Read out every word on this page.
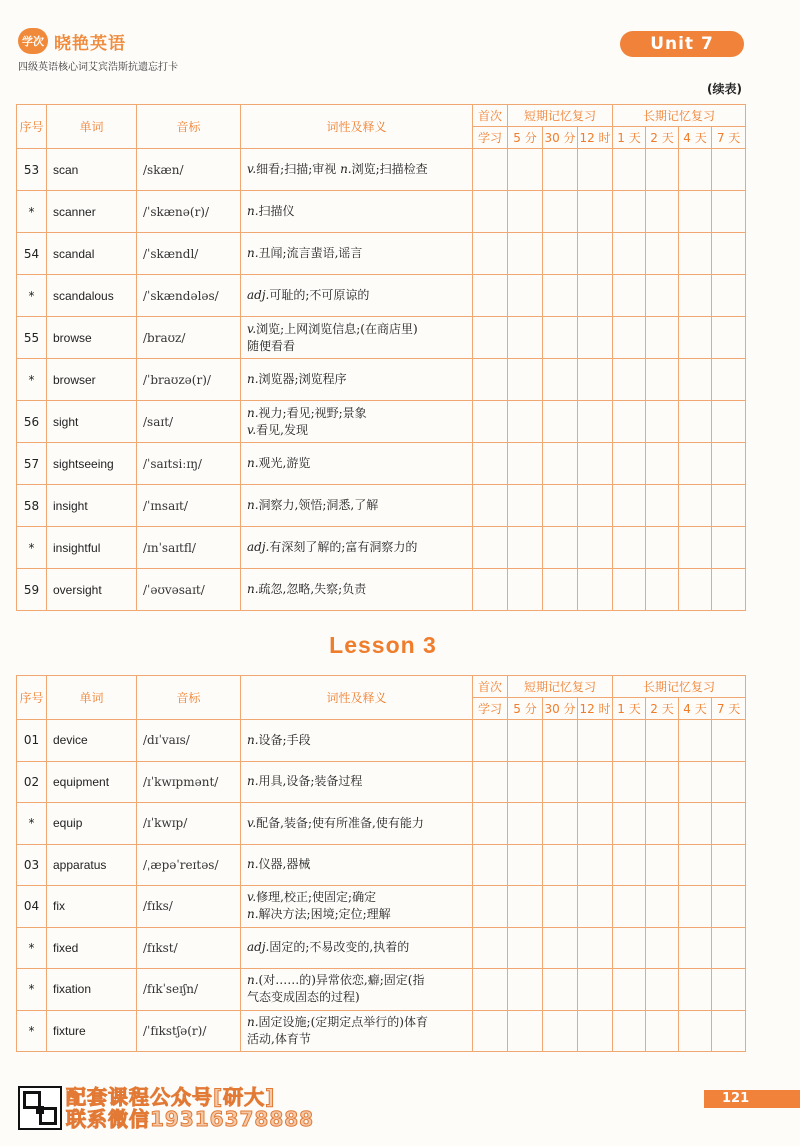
学次 晓艳英语
四级英语核心词艾宾浩斯抗遗忘打卡
Unit 7
(续表)
序号	单词	音标	词性及释义	首次	短期记忆复习			长期记忆复习			
				学习	5 分	30 分	12 时	1 天	2 天	4 天	7 天
53	scan	/skæn/	v.细看;扫描;审视 n.浏览;扫描检查								

*	scanner	/ˈskænə(r)/	n.扫描仪								

54	scandal	/ˈskændl/	n.丑闻;流言蜚语,谣言								

*	scandalous	/ˈskændələs/	adj.可耻的;不可原谅的								

55	browse	/braʊz/	v.浏览;上网浏览信息;(在商店里)
随便看看								

*	browser	/ˈbraʊzə(r)/	n.浏览器;浏览程序								

56	sight	/saɪt/	n.视力;看见;视野;景象
v.看见,发现								

57	sightseeing	/ˈsaɪtsiːɪŋ/	n.观光,游览								

58	insight	/ˈɪnsaɪt/	n.洞察力,领悟;洞悉,了解								

*	insightful	/ɪnˈsaɪtfl/	adj.有深刻了解的;富有洞察力的								

59	oversight	/ˈəʊvəsaɪt/	n.疏忽,忽略,失察;负责								

Lesson 3
序号	单词	音标	词性及释义	首次	短期记忆复习			长期记忆复习			
				学习	5 分	30 分	12 时	1 天	2 天	4 天	7 天
01	device	/dɪˈvaɪs/	n.设备;手段								

02	equipment	/ɪˈkwɪpmənt/	n.用具,设备;装备过程								

*	equip	/ɪˈkwɪp/	v.配备,装备;使有所准备,使有能力								

03	apparatus	/ˌæpəˈreɪtəs/	n.仪器,器械								

04	fix	/fɪks/	v.修理,校正;使固定;确定
n.解决方法;困境;定位;理解								

*	fixed	/fɪkst/	adj.固定的;不易改变的,执着的								

*	fixation	/fɪkˈseɪʃn/	n.(对……的)异常依恋,癖;固定(指
气态变成固态的过程)								

*	fixture	/ˈfɪkstʃə(r)/	n.固定设施;(定期定点举行的)体育
活动,体育节								

配套课程公众号[研大]
联系微信19316378888
121
